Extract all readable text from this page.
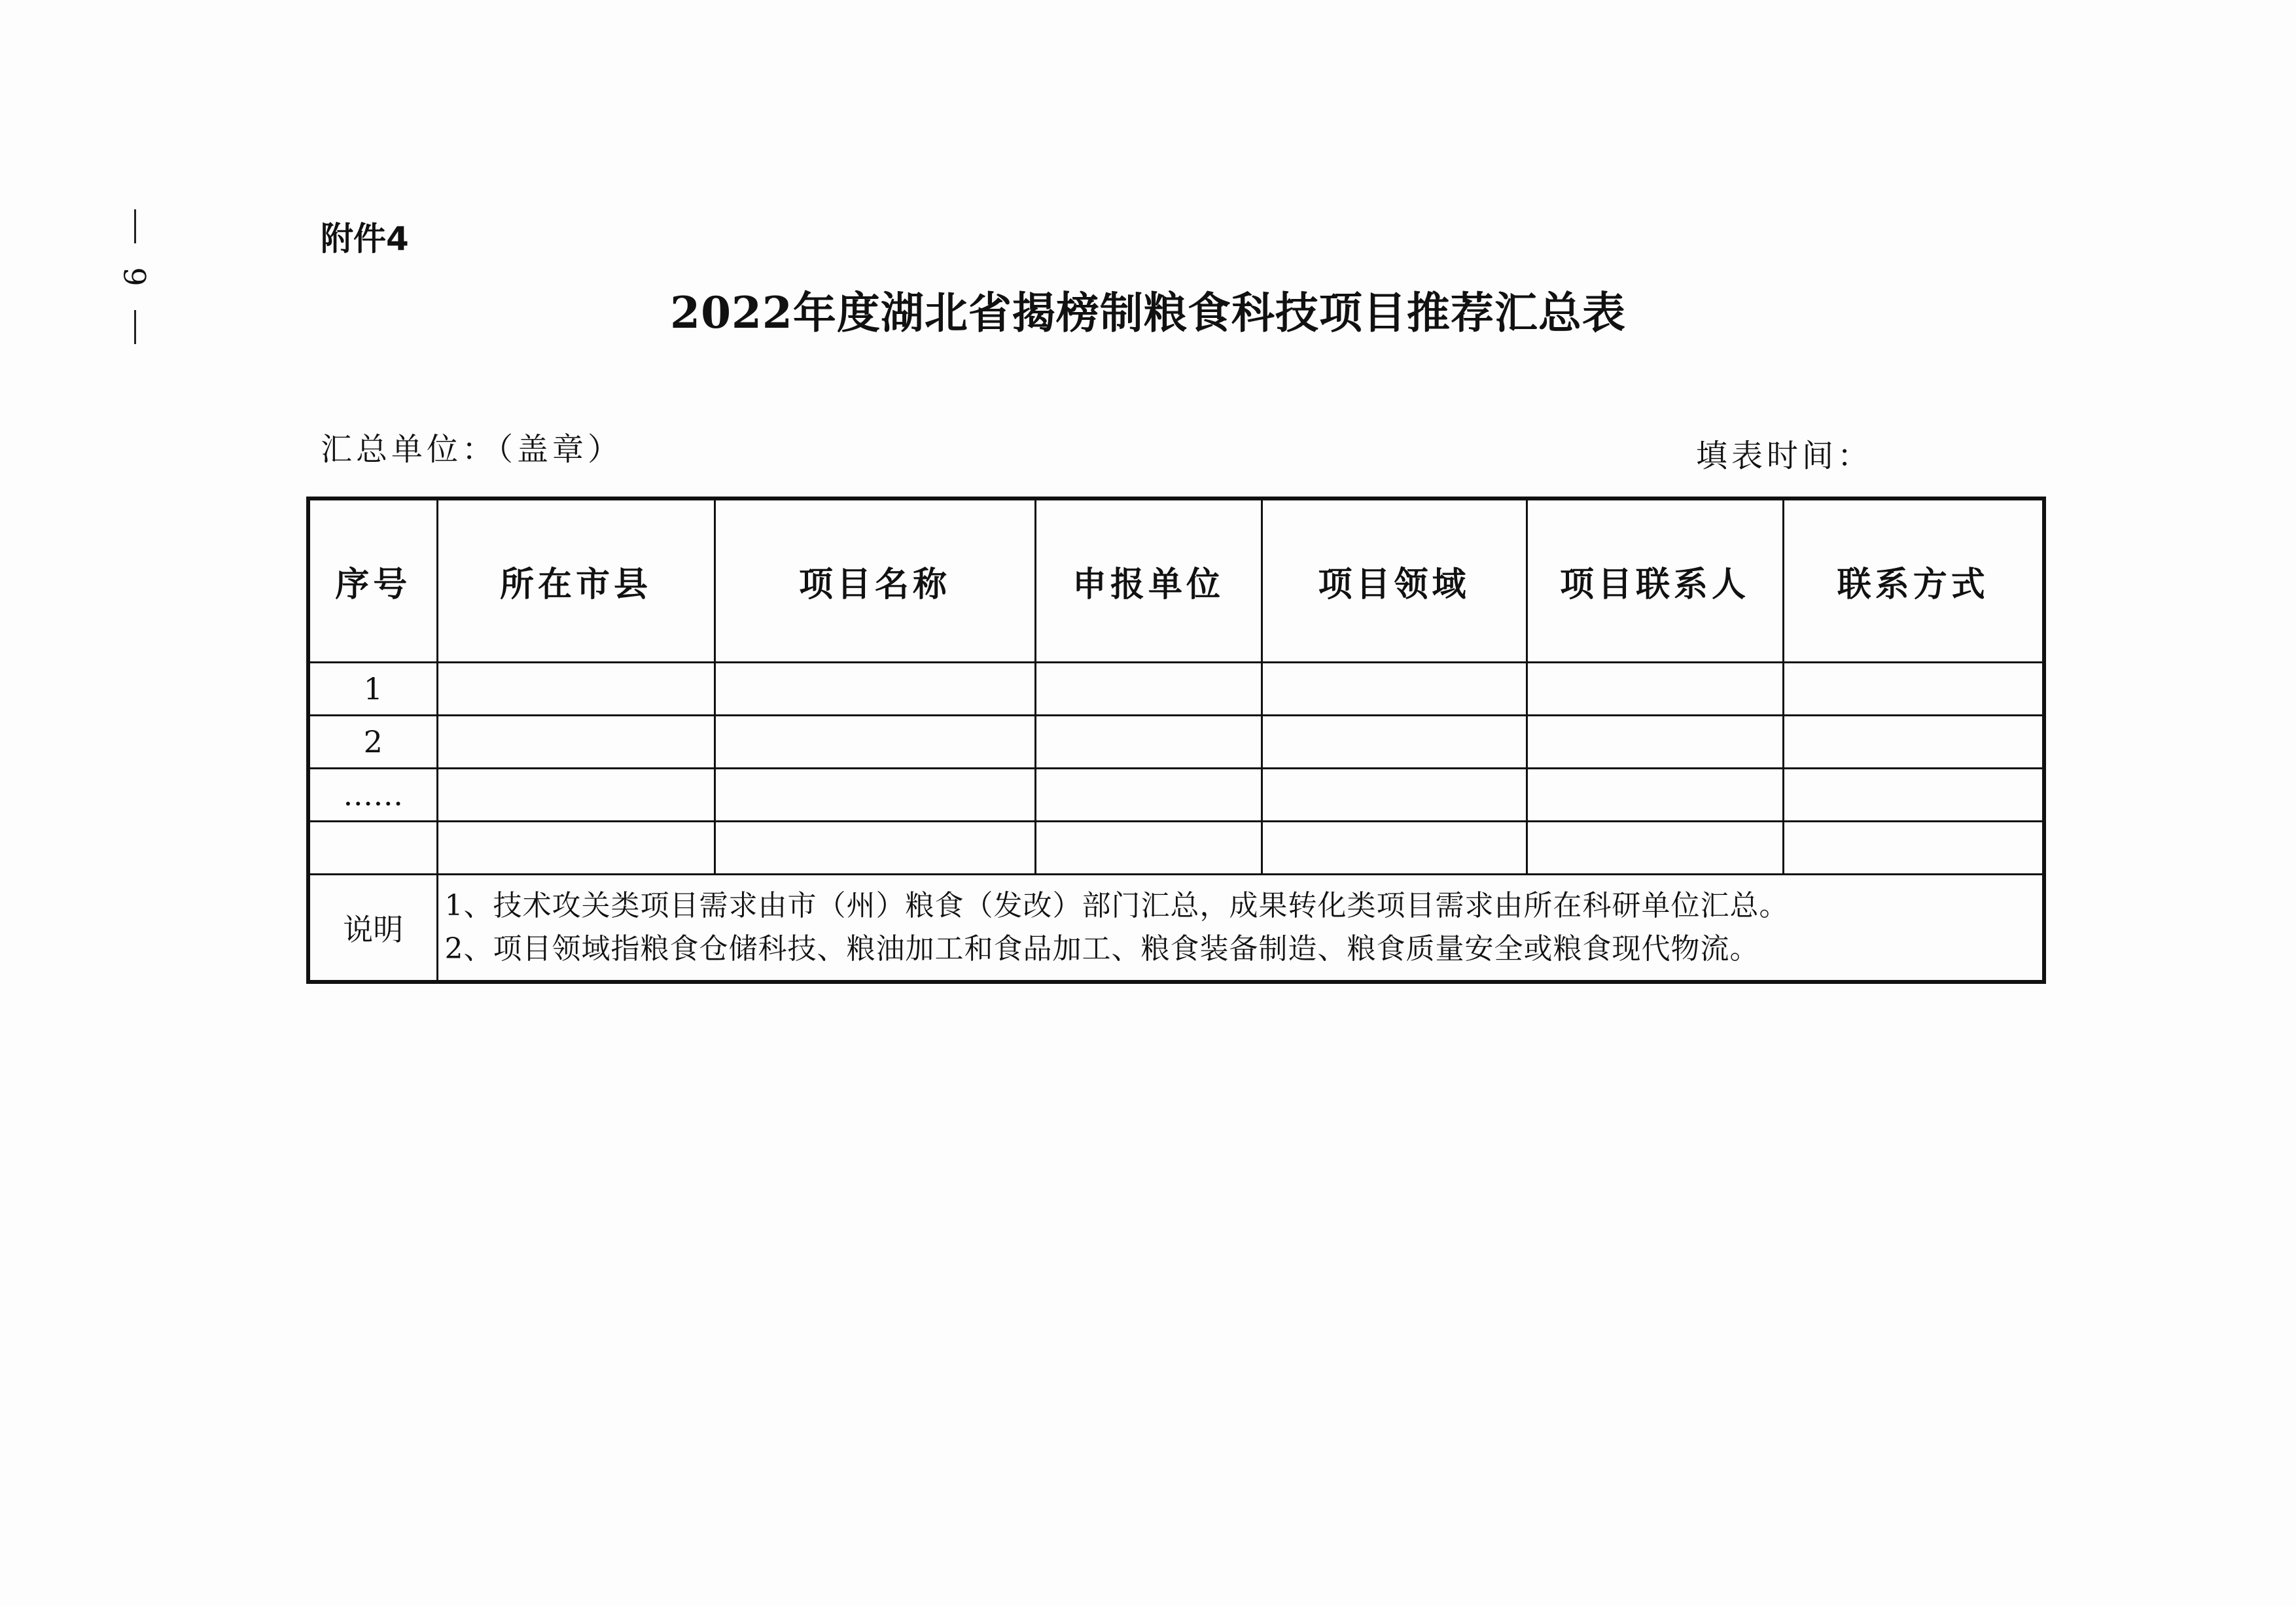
9
附件4
2022年度湖北省揭榜制粮食科技项目推荐汇总表
汇总单位：（盖章）	填表时间：
序号	所在市县	项目名称	申报单位	项目领域	项目联系人	联系方式
1						
2						
……						

说明	1、技术攻关类项目需求由市（州）粮食（发改）部门汇总，成果转化类项目需求由所在科研单位汇总。
2、项目领域指粮食仓储科技、粮油加工和食品加工、粮食装备制造、粮食质量安全或粮食现代物流。					
